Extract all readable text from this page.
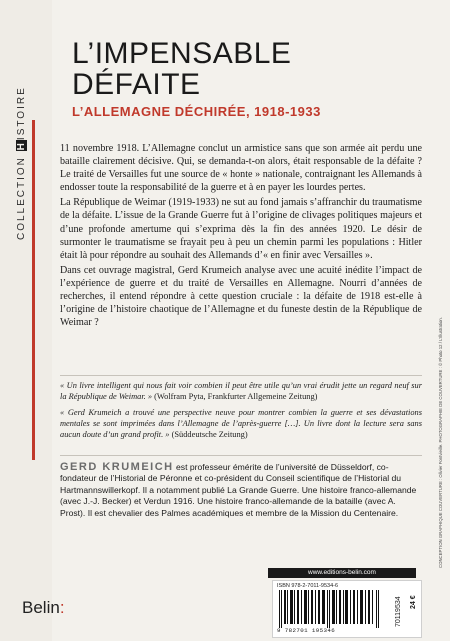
COLLECTION HISTOIRE
L’IMPENSABLE
DÉFAITE
L’ALLEMAGNE DÉCHIRÉE, 1918-1933

11 novembre 1918. L’Allemagne conclut un armistice sans que son armée ait perdu une bataille clairement décisive. Qui, se demanda-t-on alors, était responsable de la défaite ? Le traité de Versailles fut une source de « honte » nationale, contraignant les Allemands à endosser toute la responsabilité de la guerre et à en payer les lourdes pertes.

La République de Weimar (1919-1933) ne sut au fond jamais s’affranchir du traumatisme de la défaite. L’issue de la Grande Guerre fut à l’origine de clivages politiques majeurs et d’une profonde amertume qui s’exprima dès la fin des années 1920. Le désir de surmonter le traumatisme se frayait peu à peu un chemin parmi les populations : Hitler était là pour répondre au souhait des Allemands d’« en finir avec Versailles ».

Dans cet ouvrage magistral, Gerd Krumeich analyse avec une acuité inédite l’impact de l’expérience de guerre et du traité de Versailles en Allemagne. Nourri d’années de recherches, il entend répondre à cette question cruciale : la défaite de 1918 est-elle à l’origine de l’histoire chaotique de l’Allemagne et du funeste destin de la République de Weimar ?

« Un livre intelligent qui nous fait voir combien il peut être utile qu’un vrai érudit jette un regard neuf sur la République de Weimar. » (Wolfram Pyta, Frankfurter Allgemeine Zeitung)

« Gerd Krumeich a trouvé une perspective neuve pour montrer combien la guerre et ses dévastations mentales se sont imprimées dans l’Allemagne de l’après-guerre […]. Un livre dont la lecture sera sans aucun doute d’un grand profit. » (Süddeutsche Zeitung)

GERD KRUMEICH est professeur émérite de l’université de Düsseldorf, co-fondateur de l’Historial de Péronne et co-président du Conseil scientifique de l’Historial du Hartmannswillerkopf. Il a notamment publié La Grande Guerre. Une histoire franco-allemande (avec J.-J. Becker) et Verdun 1916. Une histoire franco-allemande de la bataille (avec A. Prost). Il est chevalier des Palmes académiques et membre de la Mission du Centenaire.	CONCEPTION GRAPHIQUE COUVERTURE : Olivier Fontvieille. PHOTOGRAPHIE DE COUVERTURE : © Photo 12 / L’Illustration.
www.editions-belin.com
ISBN 978-2-7011-9534-6
9 782701 195346
70119534 24 €
Belin:
